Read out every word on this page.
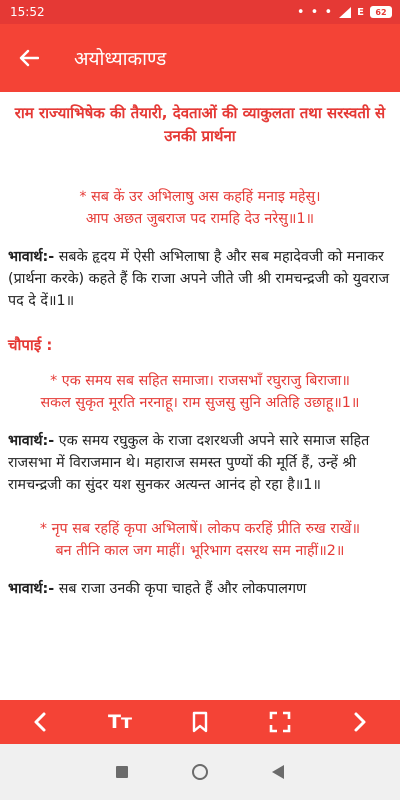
15:52	• • • E	62
अयोध्याकाण्ड
राम राज्याभिषेक की तैयारी, देवताओं की व्याकुलता तथा सरस्वती से उनकी प्रार्थना
* सब कें उर अभिलाषु अस कहहिं मनाइ महेसु।
आप अछत जुबराज पद रामहि देउ नरेसु॥1॥

भावार्थ:- सबके हृदय में ऐसी अभिलाषा है और सब महादेवजी को मनाकर (प्रार्थना करके) कहते हैं कि राजा अपने जीते जी श्री रामचन्द्रजी को युवराज पद दे दें॥1॥

चौपाई :
* एक समय सब सहित समाजा। राजसभाँ रघुराजु बिराजा॥
सकल सुकृत मूरति नरनाहू। राम सुजसु सुनि अतिहि उछाहू॥1॥

भावार्थ:- एक समय रघुकुल के राजा दशरथजी अपने सारे समाज सहित राजसभा में विराजमान थे। महाराज समस्त पुण्यों की मूर्ति हैं, उन्हें श्री रामचन्द्रजी का सुंदर यश सुनकर अत्यन्त आनंद हो रहा है॥1॥

* नृप सब रहहिं कृपा अभिलाषें। लोकप करहिं प्रीति रुख राखें॥
बन तीनि काल जग माहीं। भूरिभाग दसरथ सम नाहीं॥2॥

भावार्थ:- सब राजा उनकी कृपा चाहते हैं और लोकपालगण

Tт
